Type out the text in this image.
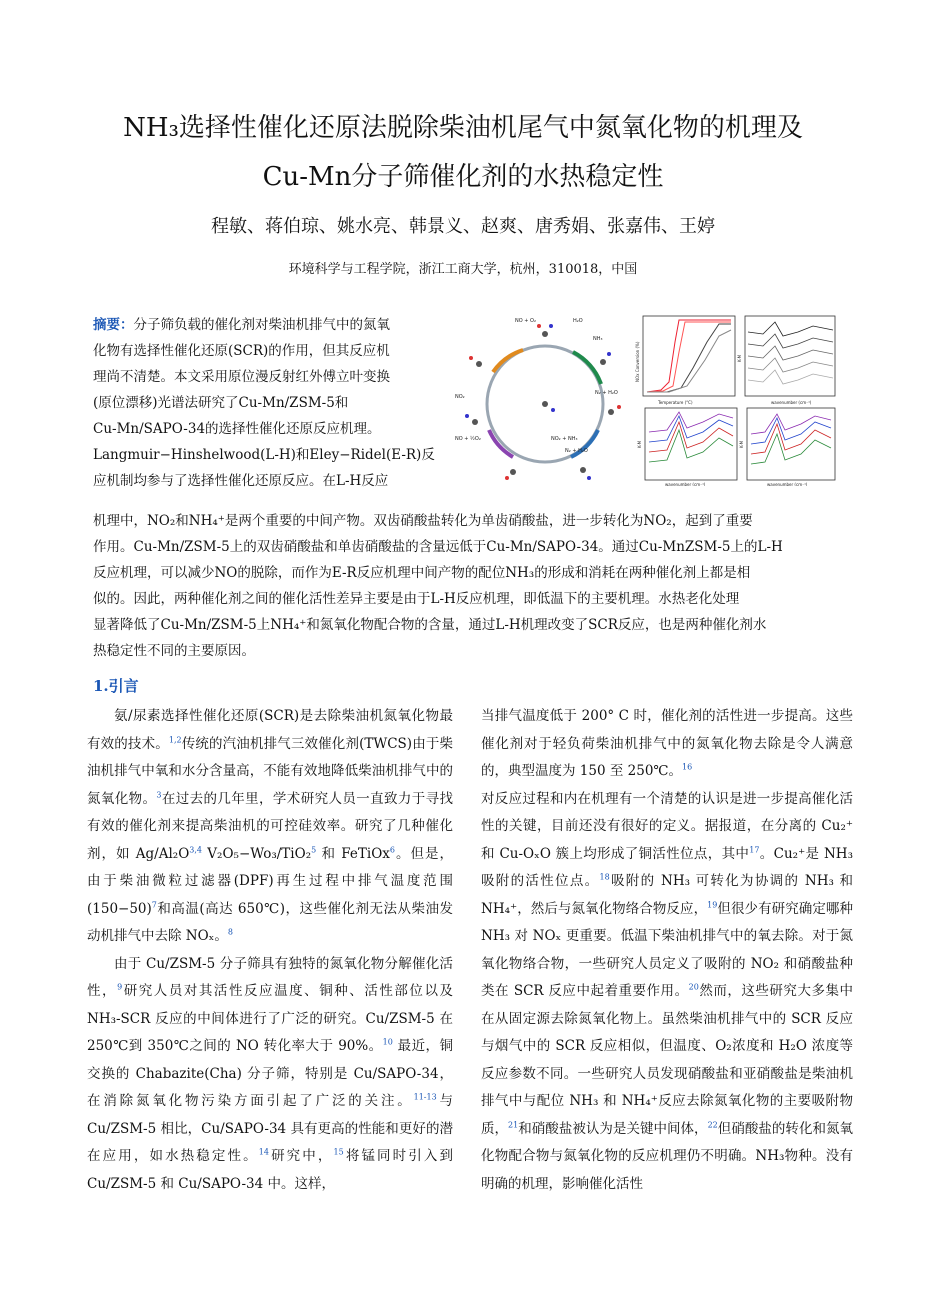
NH₃选择性催化还原法脱除柴油机尾气中氮氧化物的机理及
Cu-Mn分子筛催化剂的水热稳定性
程敏、蒋伯琼、姚水亮、韩景义、赵爽、唐秀娟、张嘉伟、王婷
环境科学与工程学院，浙江工商大学，杭州，310018，中国
摘要：分子筛负载的催化剂对柴油机排气中的氮氧
化物有选择性催化还原(SCR)的作用，但其反应机
理尚不清楚。本文采用原位漫反射红外傅立叶变换
(原位漂移)光谱法研究了Cu-Mn/ZSM-5和
Cu-Mn/SAPO-34的选择性催化还原反应机理。
Langmuir−Hinshelwood(L-H)和Eley−Ridel(E-R)反
应机制均参与了选择性催化还原反应。在L-H反应
机理中，NO₂和NH₄⁺是两个重要的中间产物。双齿硝酸盐转化为单齿硝酸盐，进一步转化为NO₂，起到了重要
作用。Cu-Mn/ZSM-5上的双齿硝酸盐和单齿硝酸盐的含量远低于Cu-Mn/SAPO-34。通过Cu-MnZSM-5上的L-H
反应机理，可以减少NO的脱除，而作为E-R反应机理中间产物的配位NH₃的形成和消耗在两种催化剂上都是相
似的。因此，两种催化剂之间的催化活性差异主要是由于L-H反应机理，即低温下的主要机理。水热老化处理
显著降低了Cu-Mn/ZSM-5上NH₄⁺和氮氧化物配合物的含量，通过L-H机理改变了SCR反应，也是两种催化剂水
热稳定性不同的主要原因。
NO + O₂	H₂O
NH₃
N₂ + H₂O
NO₂ + NH₃
NO + ½O₂
N₂ + H₂O
NO₂
Temperature (°C)
NOx Conversion (%)
wavenumber (cm⁻¹)
K-M
wavenumber (cm⁻¹)
K-M
wavenumber (cm⁻¹)
K-M
1.引言

氨/尿素选择性催化还原(SCR)是去除柴油机氮氧化物最有效的技术。$^{1,2}$传统的汽油机排气三效催化剂(TWCS)由于柴油机排气中氧和水分含量高，不能有效地降低柴油机排气中的氮氧化物。$^3$在过去的几年里，学术研究人员一直致力于寻找有效的催化剂来提高柴油机的可控硅效率。研究了几种催化剂，如 $Ag/Al_2O^{3,4}$ V₂O₅−Wo₃/TiO₂$^5$ 和 FeTiOx$^6$。但是，由于柴油微粒过滤器(DPF)再生过程中排气温度范围$(150-50)^7$和高温(高达 650℃)，这些催化剂无法从柴油发动机排气中去除 NOₓ。$^8$

由于 Cu/ZSM-5 分子筛具有独特的氮氧化物分解催化活性，$^9$研究人员对其活性反应温度、铜种、活性部位以及 NH₃-SCR 反应的中间体进行了广泛的研究。Cu/ZSM-5 在 250℃到 350℃之间的 NO 转化率大于 90%。$^{10}$ 最近，铜交换的 Chabazite(Cha) 分子筛，特别是 Cu/SAPO-34，在消除氮氧化物污染方面引起了广泛的关注。$^{11-13}$与 Cu/ZSM-5 相比，Cu/SAPO-34 具有更高的性能和更好的潜在应用，如水热稳定性。$^{14}$研究中，$^{15}$将锰同时引入到 Cu/ZSM-5 和 Cu/SAPO-34 中。这样，

当排气温度低于 200° C 时，催化剂的活性进一步提高。这些催化剂对于轻负荷柴油机排气中的氮氧化物去除是令人满意的，典型温度为 150 至 250℃。$^{16}$

对反应过程和内在机理有一个清楚的认识是进一步提高催化活性的关键，目前还没有很好的定义。据报道，在分离的 Cu₂⁺和 Cu-OₓO 簇上均形成了铜活性位点，其中$^{17}$。Cu₂⁺是 NH₃ 吸附的活性位点。$^{18}$吸附的 NH₃ 可转化为协调的 NH₃ 和 NH₄⁺，然后与氮氧化物络合物反应，$^{19}$但很少有研究确定哪种 NH₃ 对 NOₓ 更重要。低温下柴油机排气中的氧去除。对于氮氧化物络合物，一些研究人员定义了吸附的 NO₂ 和硝酸盐种类在 SCR 反应中起着重要作用。$^{20}$然而，这些研究大多集中在从固定源去除氮氧化物上。虽然柴油机排气中的 SCR 反应与烟气中的 SCR 反应相似，但温度、O₂浓度和 H₂O 浓度等反应参数不同。一些研究人员发现硝酸盐和亚硝酸盐是柴油机排气中与配位 NH₃ 和 NH₄⁺反应去除氮氧化物的主要吸附物质，$^{21}$和硝酸盐被认为是关键中间体，$^{22}$但硝酸盐的转化和氮氧化物配合物与氮氧化物的反应机理仍不明确。NH₃物种。没有明确的机理，影响催化活性
